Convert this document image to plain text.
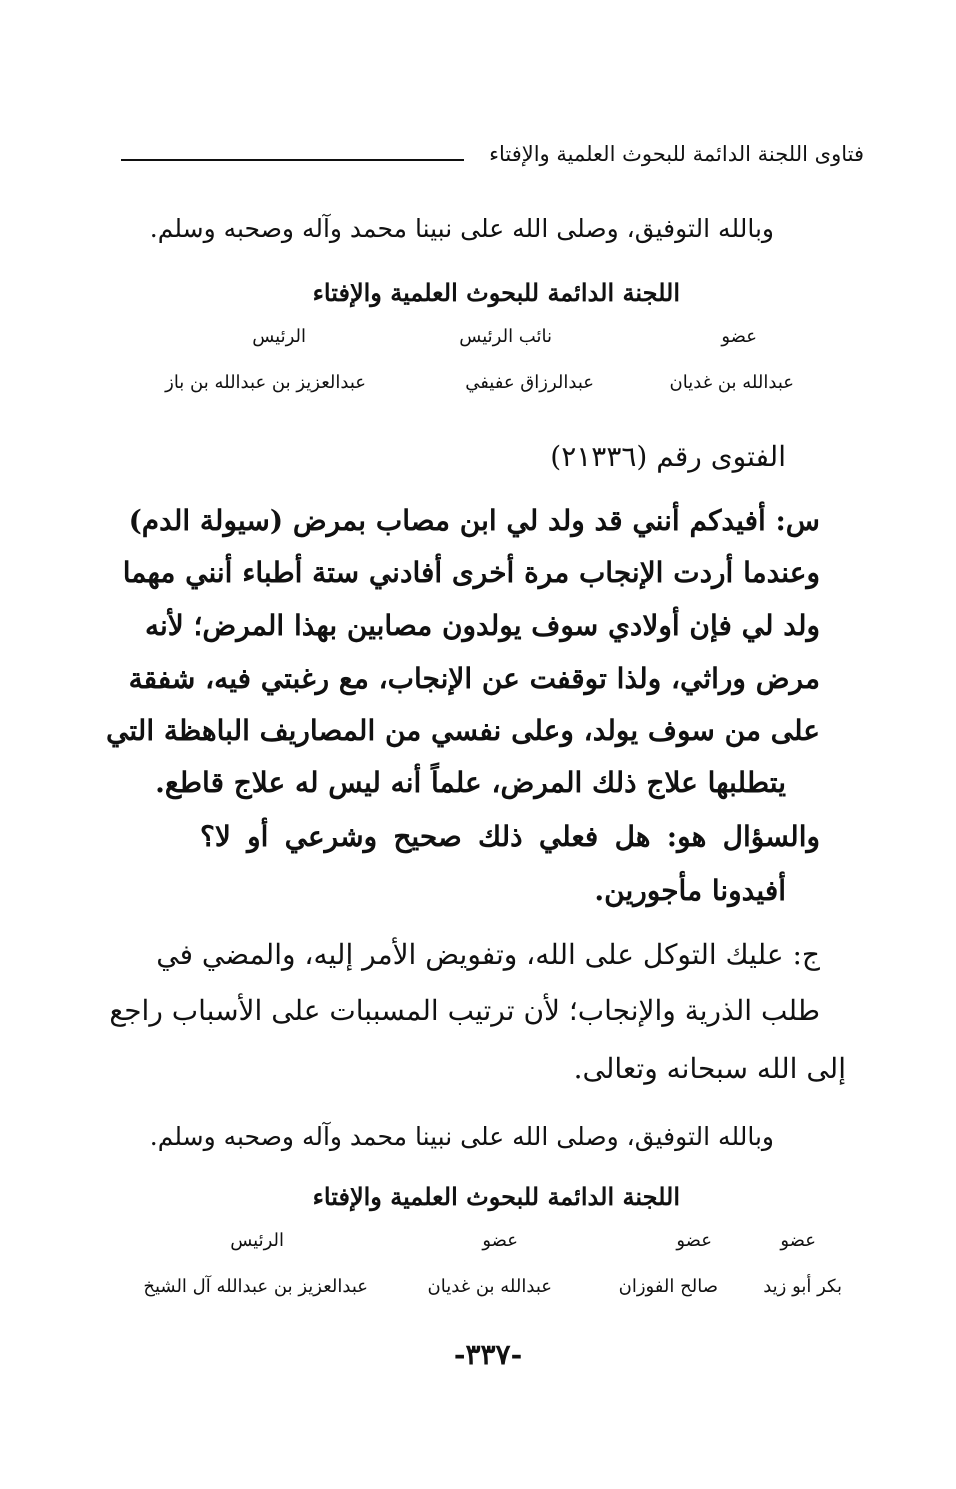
فتاوى اللجنة الدائمة للبحوث العلمية والإفتاء
وبالله التوفيق، وصلى الله على نبينا محمد وآله وصحبه وسلم.
اللجنة الدائمة للبحوث العلمية والإفتاء
عضو
نائب الرئيس
الرئيس
عبدالله بن غديان
عبدالرزاق عفيفي
عبدالعزيز بن عبدالله بن باز
الفتوى رقم (٢١٣٣٦)
س: أفيدكم أنني قد ولد لي ابن مصاب بمرض (سيولة الدم)
وعندما أردت الإنجاب مرة أخرى أفادني ستة أطباء أنني مهما
ولد لي فإن أولادي سوف يولدون مصابين بهذا المرض؛ لأنه
مرض وراثي، ولذا توقفت عن الإنجاب، مع رغبتي فيه، شفقة
على من سوف يولد، وعلى نفسي من المصاريف الباهظة التي
يتطلبها علاج ذلك المرض، علماً أنه ليس له علاج قاطع.
والسؤال هو: هل فعلي ذلك صحيح وشرعي أو لا؟
أفيدونا مأجورين.
ج: عليك التوكل على الله، وتفويض الأمر إليه، والمضي في
طلب الذرية والإنجاب؛ لأن ترتيب المسببات على الأسباب راجع
إلى الله سبحانه وتعالى.
وبالله التوفيق، وصلى الله على نبينا محمد وآله وصحبه وسلم.
اللجنة الدائمة للبحوث العلمية والإفتاء
عضو
عضو
عضو
الرئيس
بكر أبو زيد
صالح الفوزان
عبدالله بن غديان
عبدالعزيز بن عبدالله آل الشيخ
-٣٣٧-
